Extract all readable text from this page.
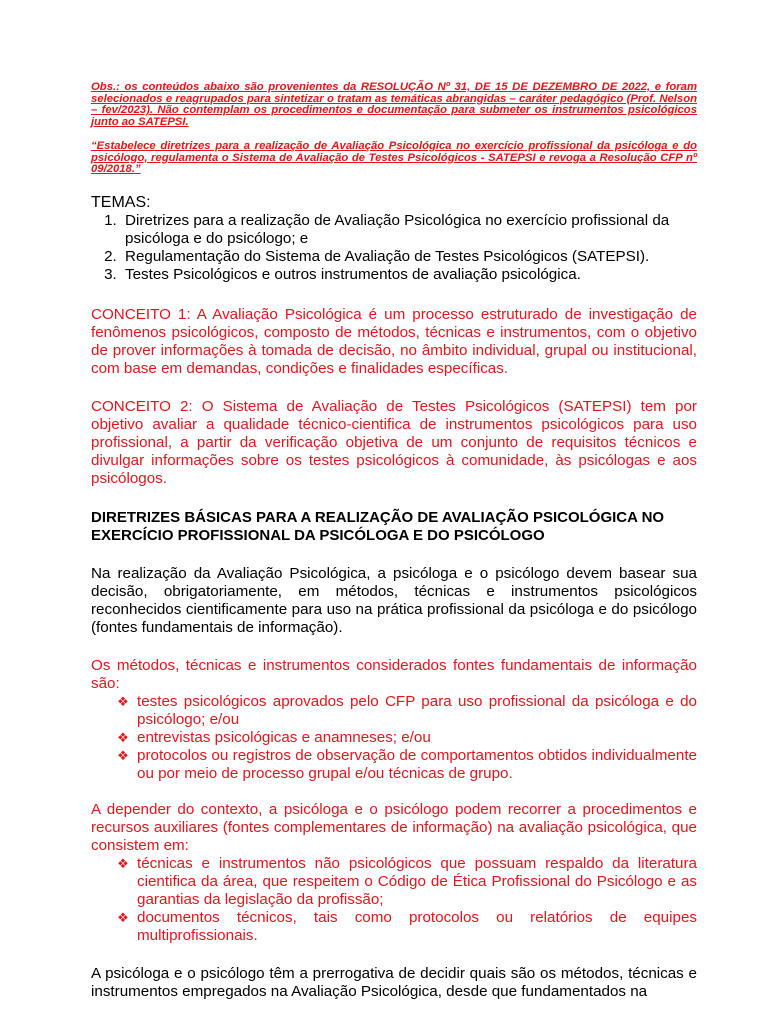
Obs.: os conteúdos abaixo são provenientes da RESOLUÇÃO Nº 31, DE 15 DE DEZEMBRO DE 2022, e foram selecionados e reagrupados para sintetizar o tratam as temáticas abrangidas – caráter pedagógico (Prof. Nelson – fev/2023). Não contemplam os procedimentos e documentação para submeter os instrumentos psicológicos junto ao SATEPSI.

“Estabelece diretrizes para a realização de Avaliação Psicológica no exercício profissional da psicóloga e do psicólogo, regulamenta o Sistema de Avaliação de Testes Psicológicos - SATEPSI e revoga a Resolução CFP nº 09/2018.”

TEMAS:
1. Diretrizes para a realização de Avaliação Psicológica no exercício profissional da psicóloga e do psicólogo; e
2. Regulamentação do Sistema de Avaliação de Testes Psicológicos (SATEPSI).
3. Testes Psicológicos e outros instrumentos de avaliação psicológica.

CONCEITO 1: A Avaliação Psicológica é um processo estruturado de investigação de fenômenos psicológicos, composto de métodos, técnicas e instrumentos, com o objetivo de prover informações à tomada de decisão, no âmbito individual, grupal ou institucional, com base em demandas, condições e finalidades específicas.

CONCEITO 2: O Sistema de Avaliação de Testes Psicológicos (SATEPSI) tem por objetivo avaliar a qualidade técnico-cientifica de instrumentos psicológicos para uso profissional, a partir da verificação objetiva de um conjunto de requisitos técnicos e divulgar informações sobre os testes psicológicos à comunidade, às psicólogas e aos psicólogos.

DIRETRIZES BÁSICAS PARA A REALIZAÇÃO DE AVALIAÇÃO PSICOLÓGICA NO EXERCÍCIO PROFISSIONAL DA PSICÓLOGA E DO PSICÓLOGO

Na realização da Avaliação Psicológica, a psicóloga e o psicólogo devem basear sua decisão, obrigatoriamente, em métodos, técnicas e instrumentos psicológicos reconhecidos cientificamente para uso na prática profissional da psicóloga e do psicólogo (fontes fundamentais de informação).

Os métodos, técnicas e instrumentos considerados fontes fundamentais de informação são:

❖ testes psicológicos aprovados pelo CFP para uso profissional da psicóloga e do psicólogo; e/ou
❖ entrevistas psicológicas e anamneses; e/ou
❖ protocolos ou registros de observação de comportamentos obtidos individualmente ou por meio de processo grupal e/ou técnicas de grupo.

A depender do contexto, a psicóloga e o psicólogo podem recorrer a procedimentos e recursos auxiliares (fontes complementares de informação) na avaliação psicológica, que consistem em:

❖ técnicas e instrumentos não psicológicos que possuam respaldo da literatura cientifica da área, que respeitem o Código de Ética Profissional do Psicólogo e as garantias da legislação da profissão;
❖ documentos técnicos, tais como protocolos ou relatórios de equipes multiprofissionais.

A psicóloga e o psicólogo têm a prerrogativa de decidir quais são os métodos, técnicas e instrumentos empregados na Avaliação Psicológica, desde que fundamentados na
